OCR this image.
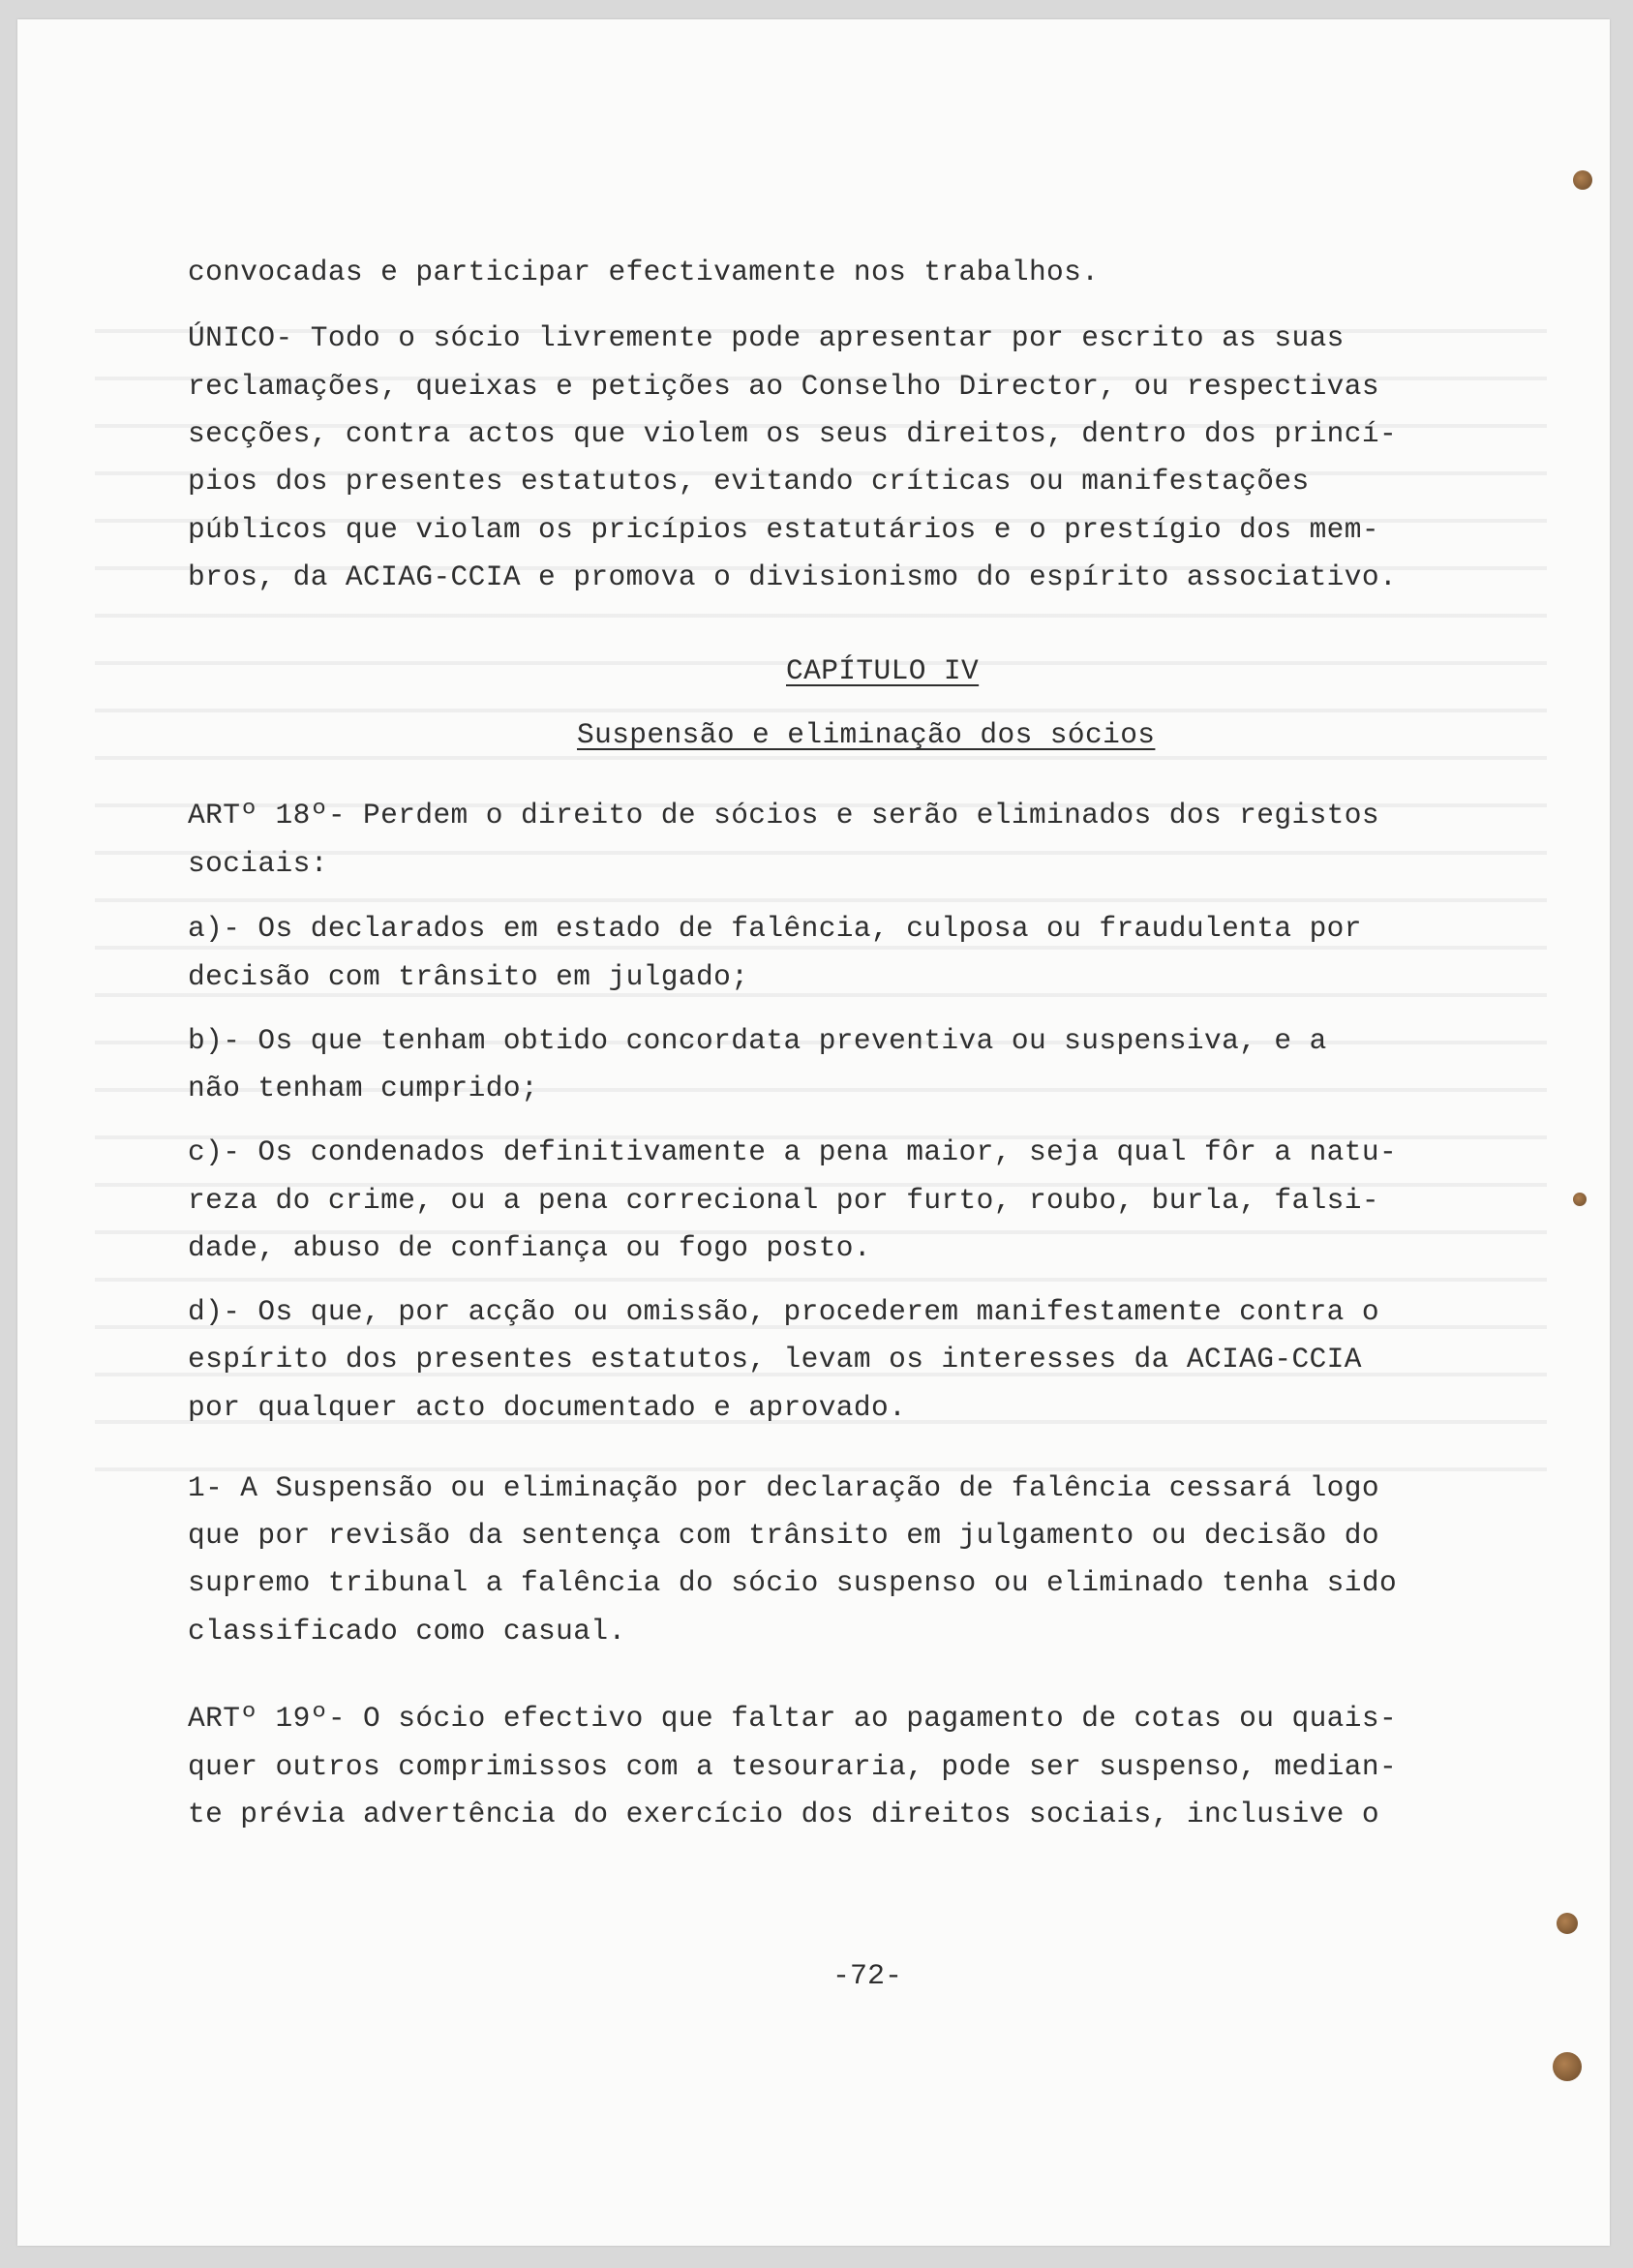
convocadas e participar efectivamente nos trabalhos.
ÚNICO- Todo o sócio livremente pode apresentar por escrito as suas
reclamações, queixas e petições ao Conselho Director, ou respectivas
secções, contra actos que violem os seus direitos, dentro dos princí-
pios dos presentes estatutos, evitando críticas ou manifestações
públicos que violam os pricípios estatutários e o prestígio dos mem-
bros, da ACIAG-CCIA e promova o divisionismo do espírito associativo.
CAPÍTULO IV
Suspensão e eliminação dos sócios
ARTº 18º- Perdem o direito de sócios e serão eliminados dos registos
sociais:
a)- Os declarados em estado de falência, culposa ou fraudulenta por
decisão com trânsito em julgado;
b)- Os que tenham obtido concordata preventiva ou suspensiva, e a
não tenham cumprido;
c)- Os condenados definitivamente a pena maior, seja qual fôr a natu-
reza do crime, ou a pena correcional por furto, roubo, burla, falsi-
dade, abuso de confiança ou fogo posto.
d)- Os que, por acção ou omissão, procederem manifestamente contra o
espírito dos presentes estatutos, levam os interesses da ACIAG-CCIA
por qualquer acto documentado e aprovado.
1- A Suspensão ou eliminação por declaração de falência cessará logo
que por revisão da sentença com trânsito em julgamento ou decisão do
supremo tribunal a falência do sócio suspenso ou eliminado tenha sido
classificado como casual.
ARTº 19º- O sócio efectivo que faltar ao pagamento de cotas ou quais-
quer outros comprimissos com a tesouraria, pode ser suspenso, median-
te prévia advertência do exercício dos direitos sociais, inclusive o
-72-
